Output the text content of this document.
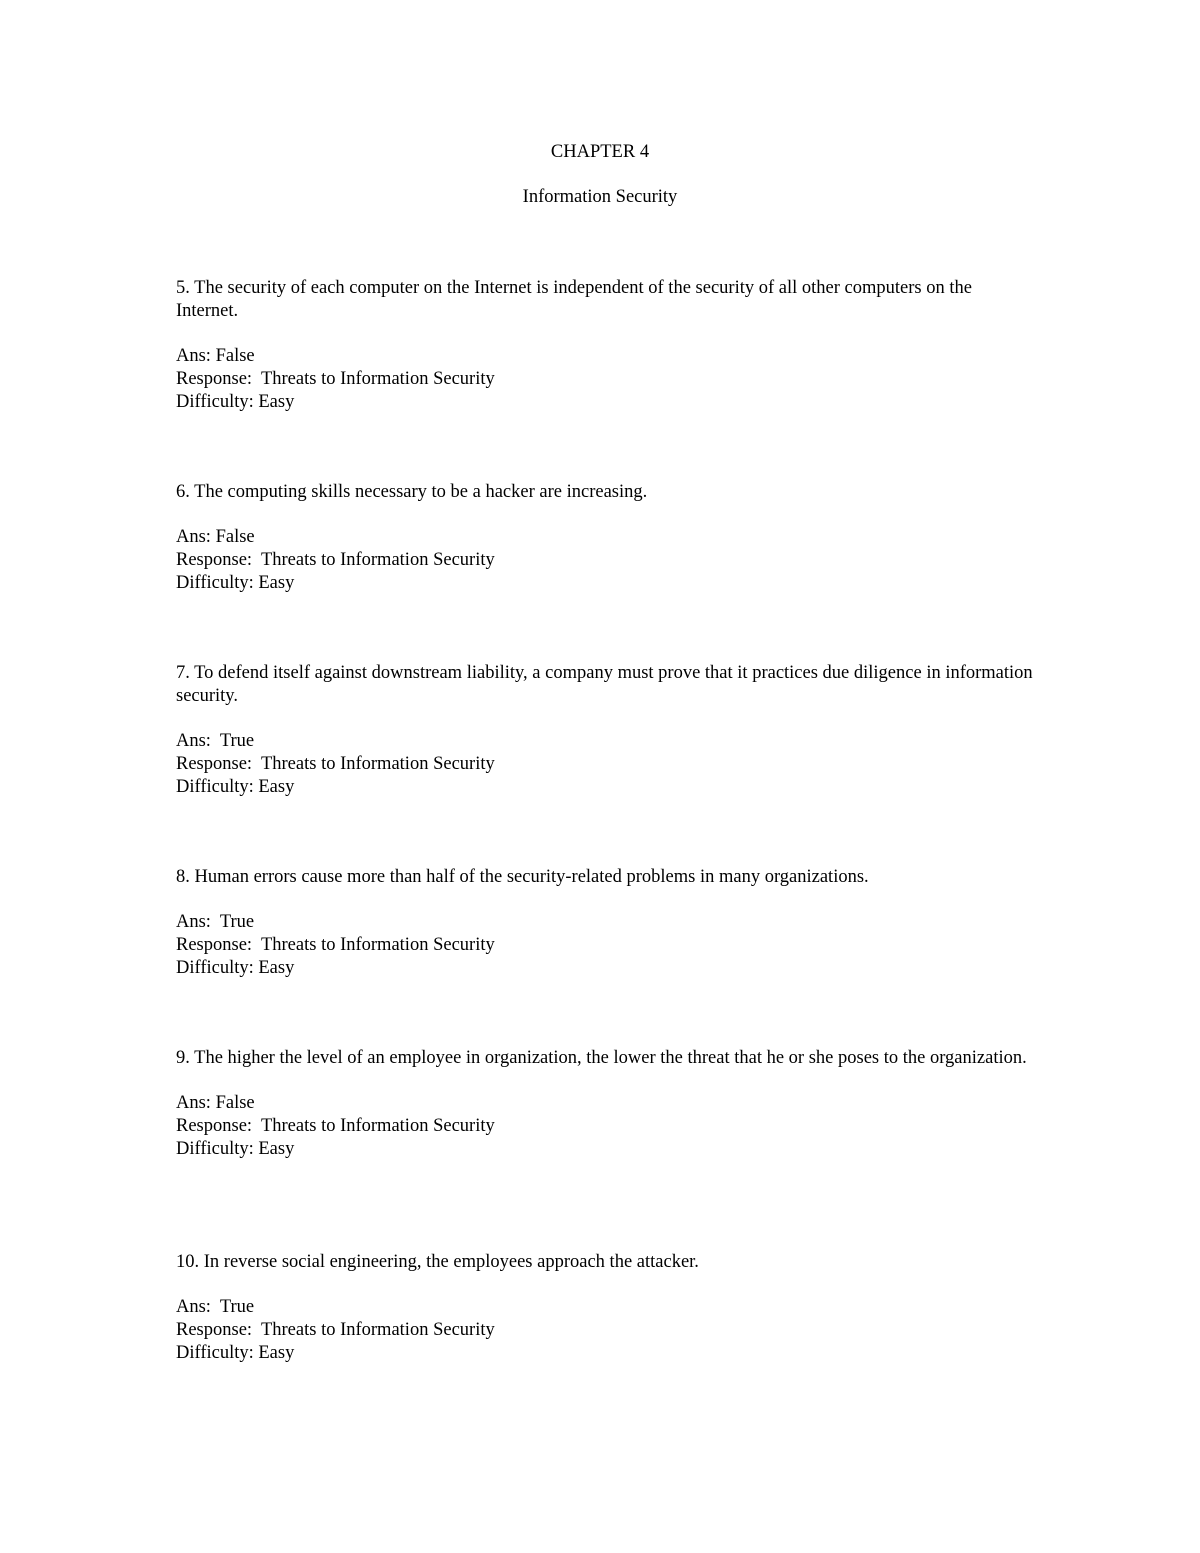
CHAPTER 4
Information Security

5. The security of each computer on the Internet is independent of the security of all other computers on the Internet.

Ans: False
Response:  Threats to Information Security
Difficulty: Easy

6. The computing skills necessary to be a hacker are increasing.

Ans: False
Response:  Threats to Information Security
Difficulty: Easy

7. To defend itself against downstream liability, a company must prove that it practices due diligence in information security.

Ans:  True
Response:  Threats to Information Security
Difficulty: Easy

8. Human errors cause more than half of the security-related problems in many organizations.

Ans:  True
Response:  Threats to Information Security
Difficulty: Easy

9. The higher the level of an employee in organization, the lower the threat that he or she poses to the organization.

Ans: False
Response:  Threats to Information Security
Difficulty: Easy

10. In reverse social engineering, the employees approach the attacker.

Ans:  True
Response:  Threats to Information Security
Difficulty: Easy
